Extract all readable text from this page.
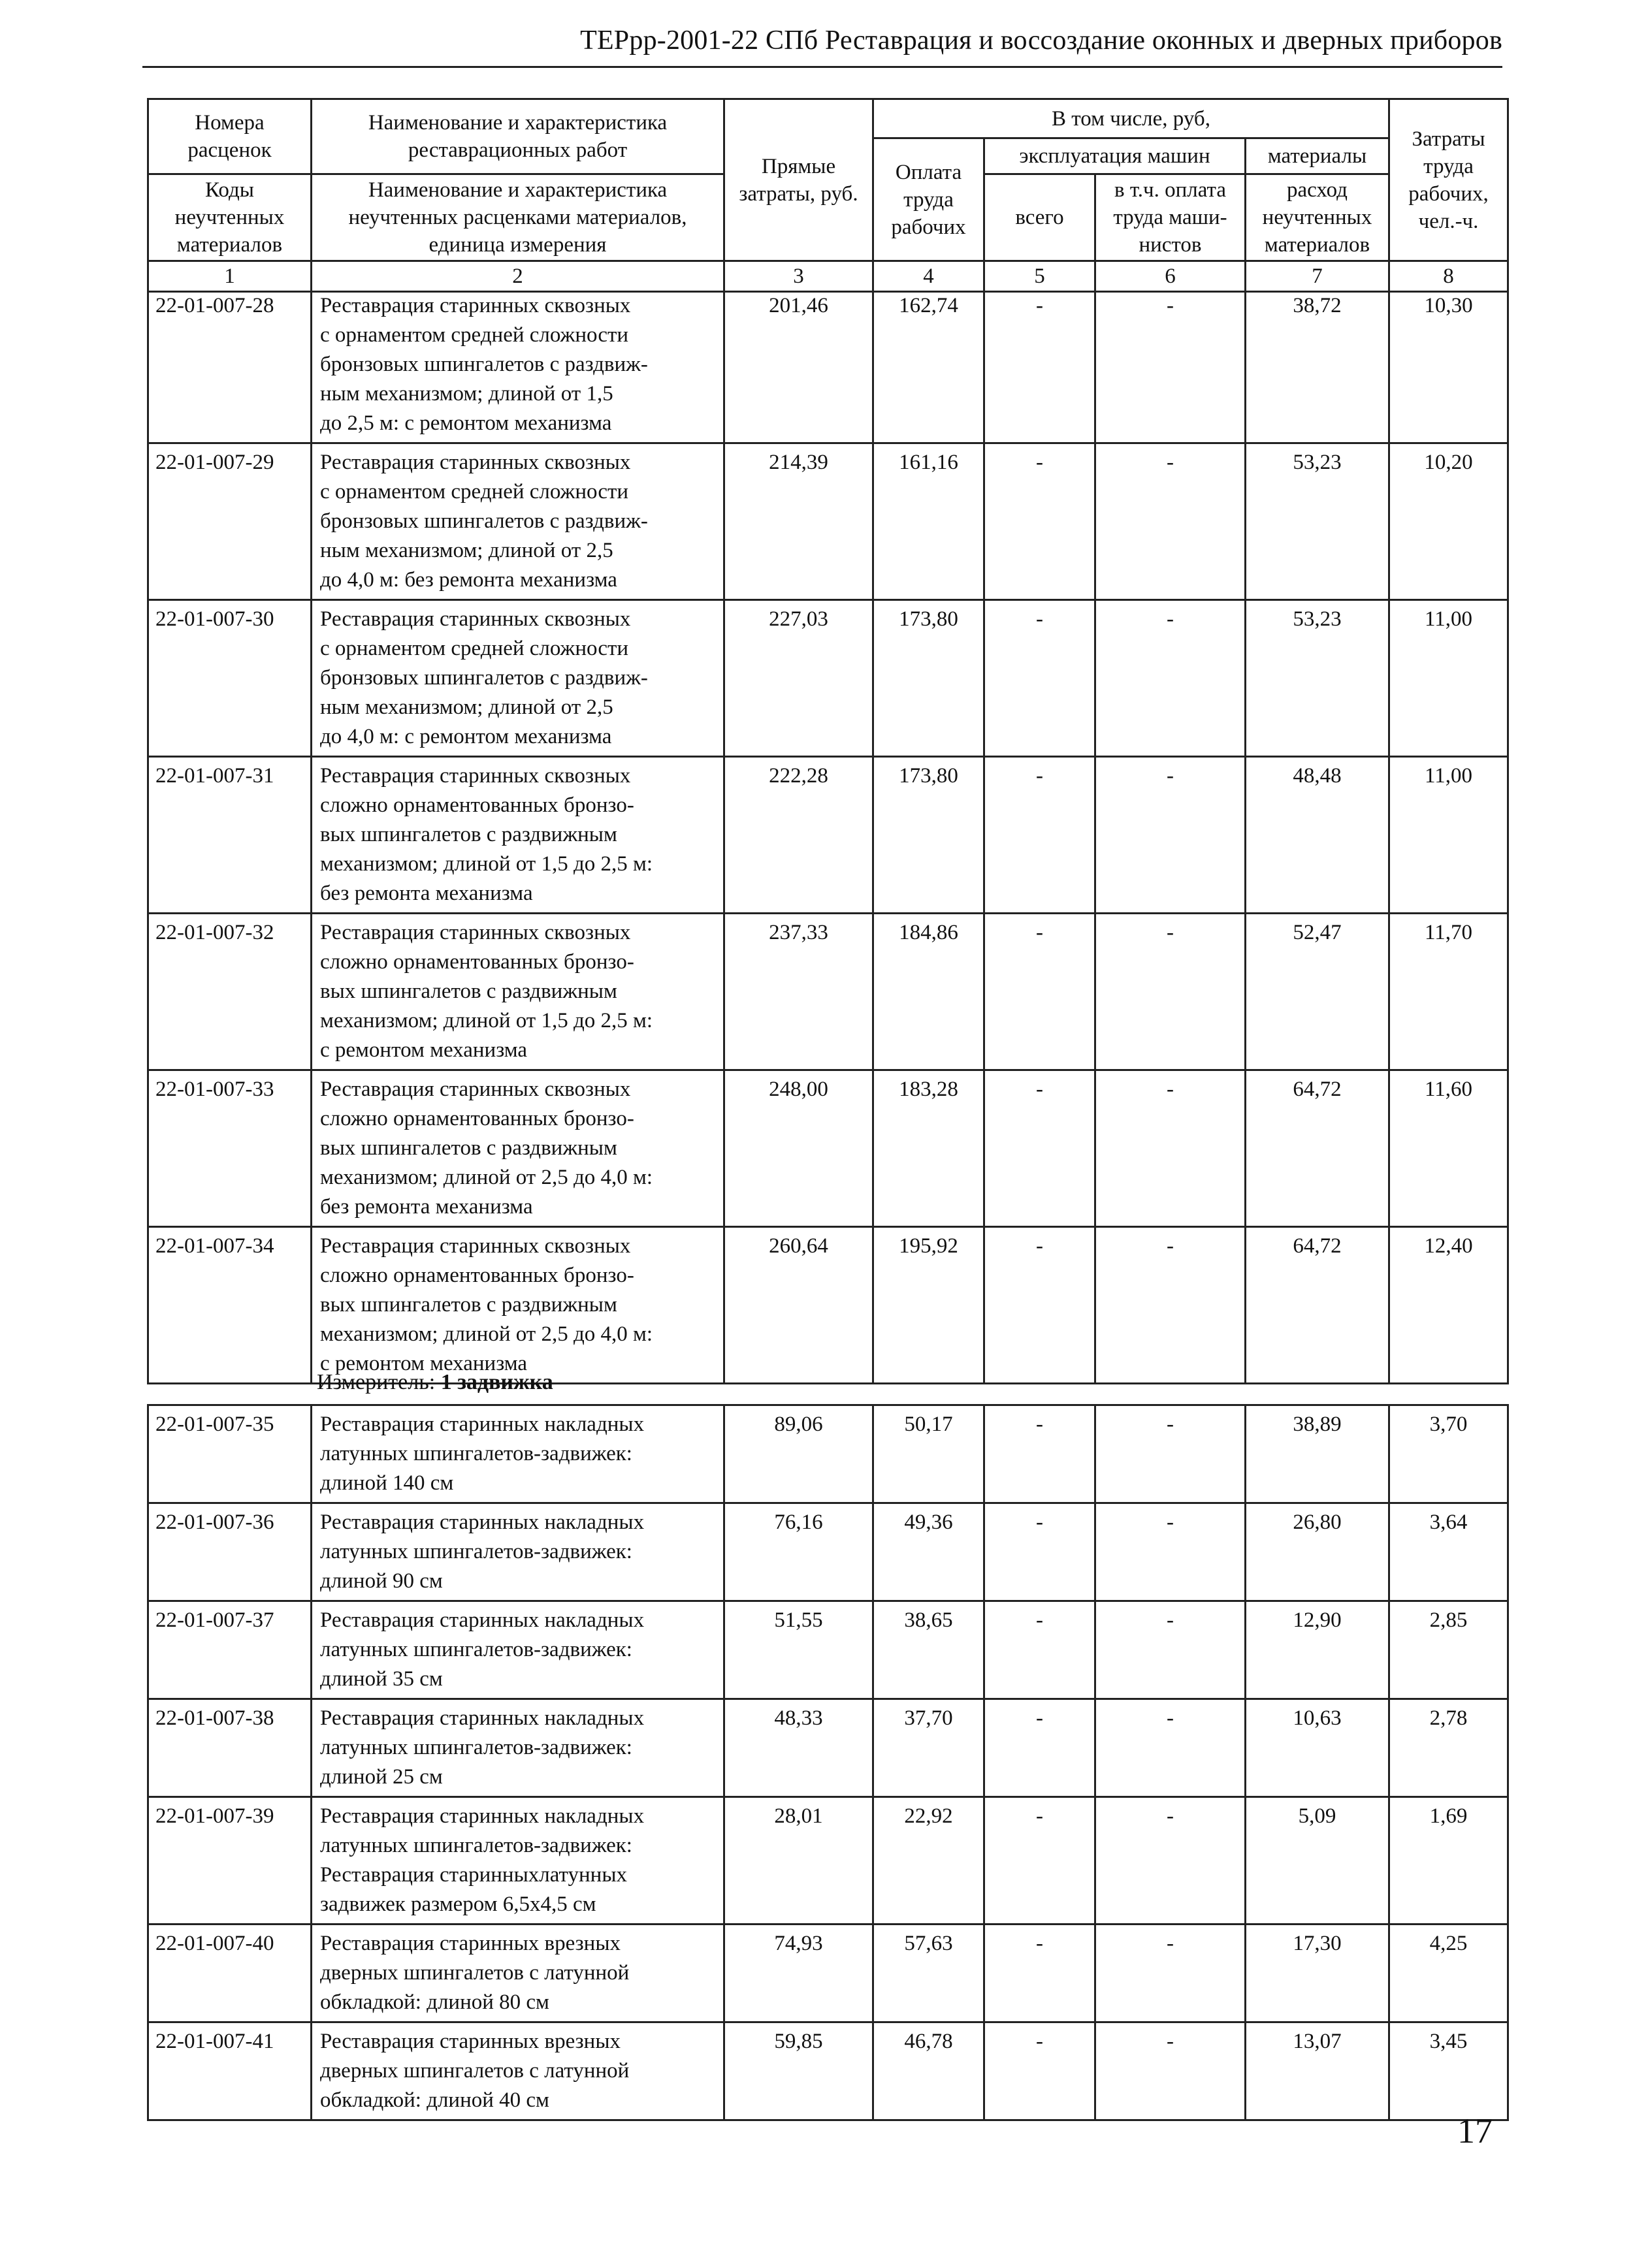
ТЕРрр-2001-22 СПб Реставрация и воссоздание оконных и дверных приборов
Номера расценок	Наименование и характеристика реставрационных работ	Прямые затраты, руб.	В том числе, руб,				Затраты труда рабочих, чел.-ч.
			Оплата труда рабочих	эксплуатация машин		материалы	
Коды неучтенных материалов	Наименование и характеристика неучтенных расценками материалов, единица измерения			всего	в т.ч. оплата труда маши-нистов	расход неучтенных материалов	

1	2	3	4	5	6	7	8
22-01-007-28	Реставрация старинных сквозных
с орнаментом средней сложности
бронзовых шпингалетов с раздвиж-
ным механизмом; длиной от 1,5
до 2,5 м: с ремонтом механизма	201,46	162,74	-	-	38,72	10,30
22-01-007-29	Реставрация старинных сквозных
с орнаментом средней сложности
бронзовых шпингалетов с раздвиж-
ным механизмом; длиной от 2,5
до 4,0 м: без ремонта механизма	214,39	161,16	-	-	53,23	10,20
22-01-007-30	Реставрация старинных сквозных
с орнаментом средней сложности
бронзовых шпингалетов с раздвиж-
ным механизмом; длиной от 2,5
до 4,0 м: с ремонтом механизма	227,03	173,80	-	-	53,23	11,00
22-01-007-31	Реставрация старинных сквозных
сложно орнаментованных бронзо-
вых шпингалетов с раздвижным
механизмом; длиной от 1,5 до 2,5 м:
без ремонта механизма	222,28	173,80	-	-	48,48	11,00
22-01-007-32	Реставрация старинных сквозных
сложно орнаментованных бронзо-
вых шпингалетов с раздвижным
механизмом; длиной от 1,5 до 2,5 м:
с ремонтом механизма	237,33	184,86	-	-	52,47	11,70
22-01-007-33	Реставрация старинных сквозных
сложно орнаментованных бронзо-
вых шпингалетов с раздвижным
механизмом; длиной от 2,5 до 4,0 м:
без ремонта механизма	248,00	183,28	-	-	64,72	11,60
22-01-007-34	Реставрация старинных сквозных
сложно орнаментованных бронзо-
вых шпингалетов с раздвижным
механизмом; длиной от 2,5 до 4,0 м:
с ремонтом механизма	260,64	195,92	-	-	64,72	12,40
Измеритель: 1 задвижка
22-01-007-35	Реставрация старинных накладных
латунных шпингалетов-задвижек:
длиной 140 см	89,06	50,17	-	-	38,89	3,70
22-01-007-36	Реставрация старинных накладных
латунных шпингалетов-задвижек:
длиной 90 см	76,16	49,36	-	-	26,80	3,64
22-01-007-37	Реставрация старинных накладных
латунных шпингалетов-задвижек:
длиной 35 см	51,55	38,65	-	-	12,90	2,85
22-01-007-38	Реставрация старинных накладных
латунных шпингалетов-задвижек:
длиной 25 см	48,33	37,70	-	-	10,63	2,78
22-01-007-39	Реставрация старинных накладных
латунных шпингалетов-задвижек:
Реставрация старинныхлатунных
задвижек размером 6,5х4,5 см	28,01	22,92	-	-	5,09	1,69
22-01-007-40	Реставрация старинных врезных
дверных шпингалетов с латунной
обкладкой: длиной 80 см	74,93	57,63	-	-	17,30	4,25
22-01-007-41	Реставрация старинных врезных
дверных шпингалетов с латунной
обкладкой: длиной 40 см	59,85	46,78	-	-	13,07	3,45
17
